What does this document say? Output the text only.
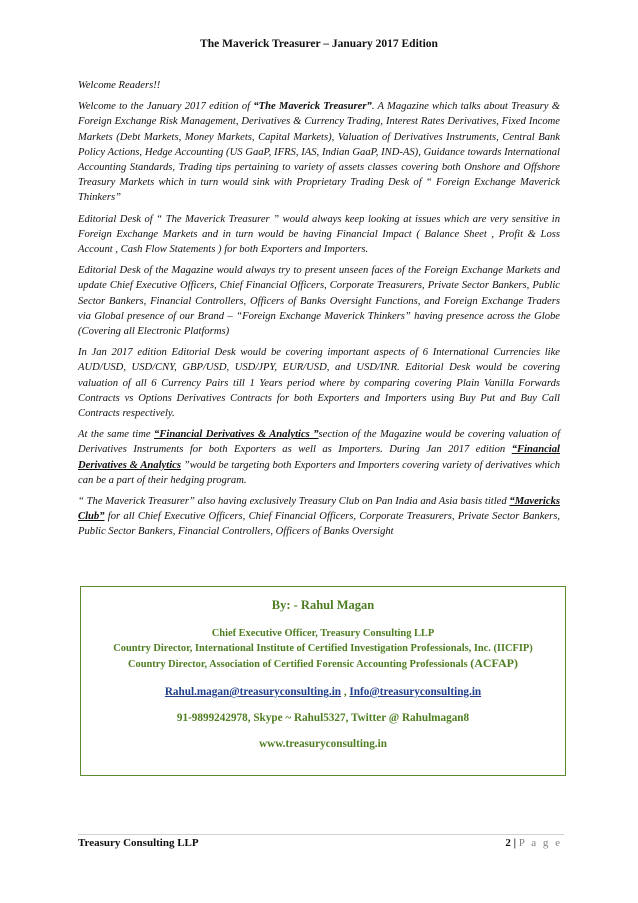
The Maverick Treasurer – January 2017 Edition

Welcome Readers!!

Welcome to the January 2017 edition of “The Maverick Treasurer”. A Magazine which talks about Treasury & Foreign Exchange Risk Management, Derivatives & Currency Trading, Interest Rates Derivatives, Fixed Income Markets (Debt Markets, Money Markets, Capital Markets), Valuation of Derivatives Instruments, Central Bank Policy Actions, Hedge Accounting (US GaaP, IFRS, IAS, Indian GaaP, IND-AS), Guidance towards International Accounting Standards, Trading tips pertaining to variety of assets classes covering both Onshore and Offshore Treasury Markets which in turn would sink with Proprietary Trading Desk of “ Foreign Exchange Maverick Thinkers”

Editorial Desk of “ The Maverick Treasurer ” would always keep looking at issues which are very sensitive in Foreign Exchange Markets and in turn would be having Financial Impact ( Balance Sheet , Profit & Loss Account , Cash Flow Statements ) for both Exporters and Importers.

Editorial Desk of the Magazine would always try to present unseen faces of the Foreign Exchange Markets and update Chief Executive Officers, Chief Financial Officers, Corporate Treasurers, Private Sector Bankers, Public Sector Bankers, Financial Controllers, Officers of Banks Oversight Functions, and Foreign Exchange Traders via Global presence of our Brand – “Foreign Exchange Maverick Thinkers” having presence across the Globe (Covering all Electronic Platforms)

In Jan 2017 edition Editorial Desk would be covering important aspects of 6 International Currencies like AUD/USD, USD/CNY, GBP/USD, USD/JPY, EUR/USD, and USD/INR. Editorial Desk would be covering valuation of all 6 Currency Pairs till 1 Years period where by comparing covering Plain Vanilla Forwards Contracts vs Options Derivatives Contracts for both Exporters and Importers using Buy Put and Buy Call Contracts respectively.

At the same time “Financial Derivatives & Analytics ”section of the Magazine would be covering valuation of Derivatives Instruments for both Exporters as well as Importers. During Jan 2017 edition “Financial Derivatives & Analytics ”would be targeting both Exporters and Importers covering variety of derivatives which can be a part of their hedging program.

“ The Maverick Treasurer” also having exclusively Treasury Club on Pan India and Asia basis titled “Mavericks Club” for all Chief Executive Officers, Chief Financial Officers, Corporate Treasurers, Private Sector Bankers, Public Sector Bankers, Financial Controllers, Officers of Banks Oversight

By: - Rahul Magan
Chief Executive Officer, Treasury Consulting LLP
Country Director, International Institute of Certified Investigation Professionals, Inc. (IICFIP)
Country Director, Association of Certified Forensic Accounting Professionals (ACFAP)
Rahul.magan@treasuryconsulting.in , Info@treasuryconsulting.in
91-9899242978, Skype ~ Rahul5327, Twitter @ Rahulmagan8
www.treasuryconsulting.in
Treasury Consulting LLP	2 | P a g e
